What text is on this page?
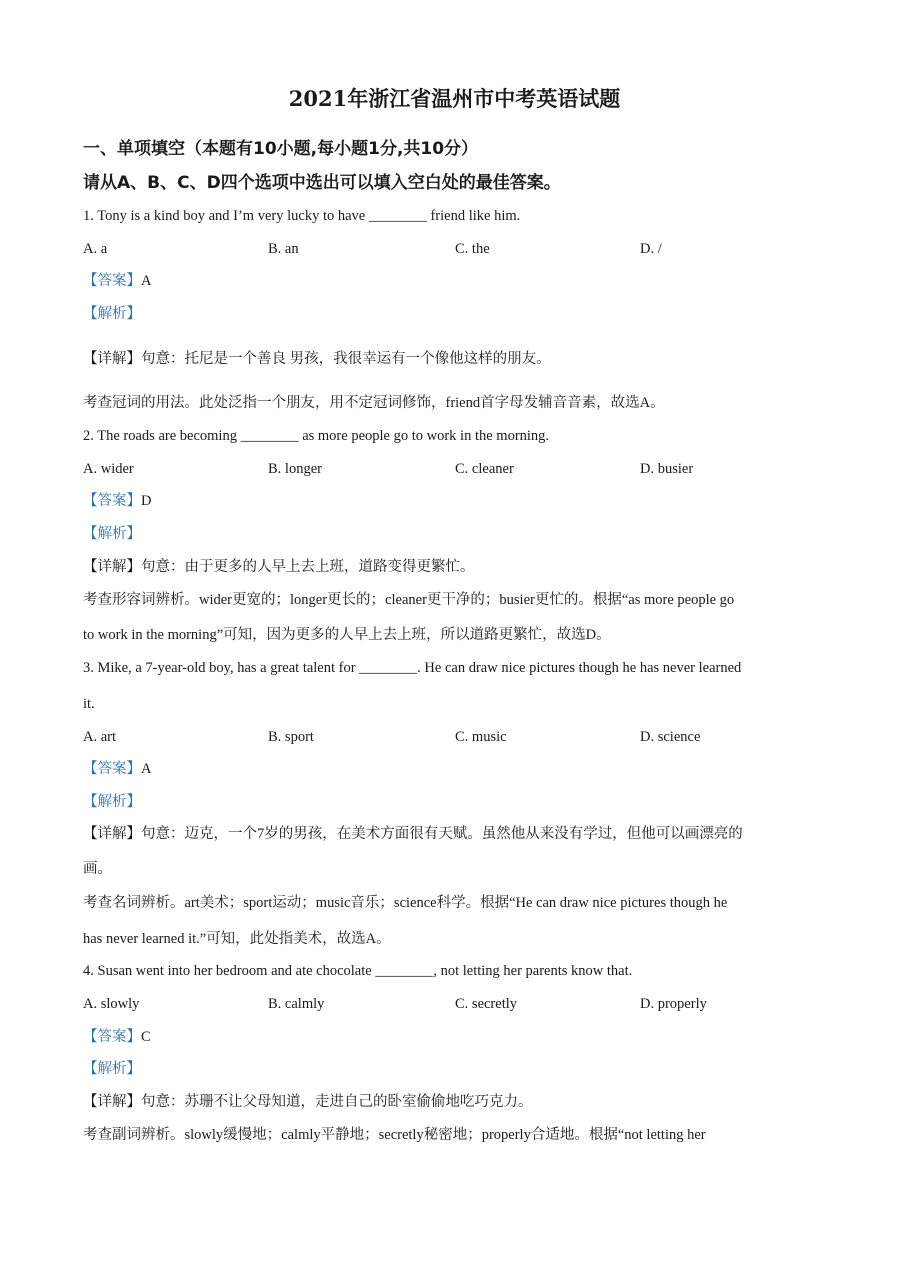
2021年浙江省温州市中考英语试题
一、单项填空（本题有10小题,每小题1分,共10分）
请从A、B、C、D四个选项中选出可以填入空白处的最佳答案。
1. Tony is a kind boy and I’m very lucky to have ________ friend like him.
A. a	B. an	C. the	D. /
【答案】A
【解析】
【详解】句意：托尼是一个善良 男孩，我很幸运有一个像他这样的朋友。
考查冠词的用法。此处泛指一个朋友，用不定冠词修饰，friend首字母发辅音音素，故选A。
2. The roads are becoming ________ as more people go to work in the morning.
A. wider	B. longer	C. cleaner	D. busier
【答案】D
【解析】
【详解】句意：由于更多的人早上去上班，道路变得更繁忙。
考查形容词辨析。wider更宽的；longer更长的；cleaner更干净的；busier更忙的。根据“as more people go
to work in the morning”可知，因为更多的人早上去上班，所以道路更繁忙，故选D。
3. Mike, a 7-year-old boy, has a great talent for ________. He can draw nice pictures though he has never learned
it.
A. art	B. sport	C. music	D. science
【答案】A
【解析】
【详解】句意：迈克，一个7岁的男孩，在美术方面很有天赋。虽然他从来没有学过，但他可以画漂亮的
画。
考查名词辨析。art美术；sport运动；music音乐；science科学。根据“He can draw nice pictures though he
has never learned it.”可知，此处指美术，故选A。
4. Susan went into her bedroom and ate chocolate ________, not letting her parents know that.
A. slowly	B. calmly	C. secretly	D. properly
【答案】C
【解析】
【详解】句意：苏珊不让父母知道，走进自己的卧室偷偷地吃巧克力。
考查副词辨析。slowly缓慢地；calmly平静地；secretly秘密地；properly合适地。根据“not letting her
